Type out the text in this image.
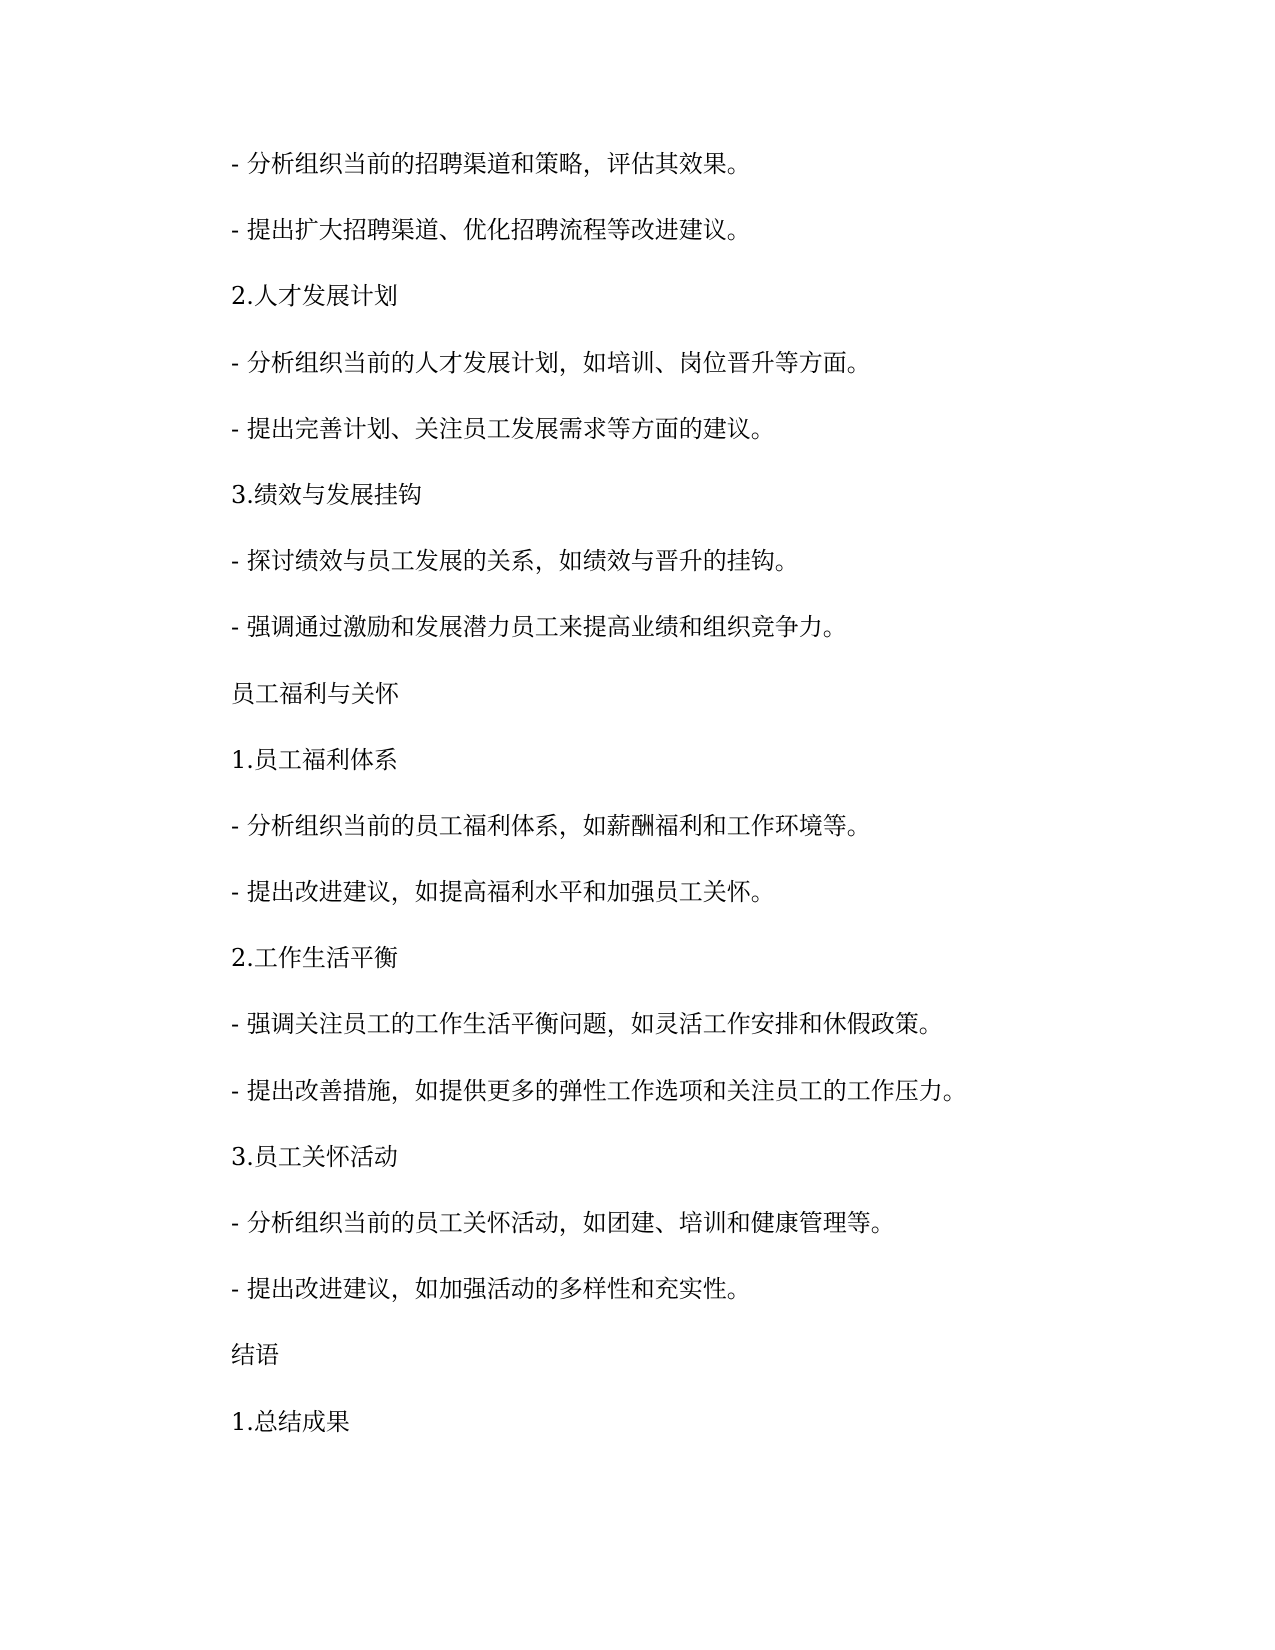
- 分析组织当前的招聘渠道和策略，评估其效果。
- 提出扩大招聘渠道、优化招聘流程等改进建议。
2.人才发展计划
- 分析组织当前的人才发展计划，如培训、岗位晋升等方面。
- 提出完善计划、关注员工发展需求等方面的建议。
3.绩效与发展挂钩
- 探讨绩效与员工发展的关系，如绩效与晋升的挂钩。
- 强调通过激励和发展潜力员工来提高业绩和组织竞争力。
员工福利与关怀
1.员工福利体系
- 分析组织当前的员工福利体系，如薪酬福利和工作环境等。
- 提出改进建议，如提高福利水平和加强员工关怀。
2.工作生活平衡
- 强调关注员工的工作生活平衡问题，如灵活工作安排和休假政策。
- 提出改善措施，如提供更多的弹性工作选项和关注员工的工作压力。
3.员工关怀活动
- 分析组织当前的员工关怀活动，如团建、培训和健康管理等。
- 提出改进建议，如加强活动的多样性和充实性。
结语
1.总结成果
